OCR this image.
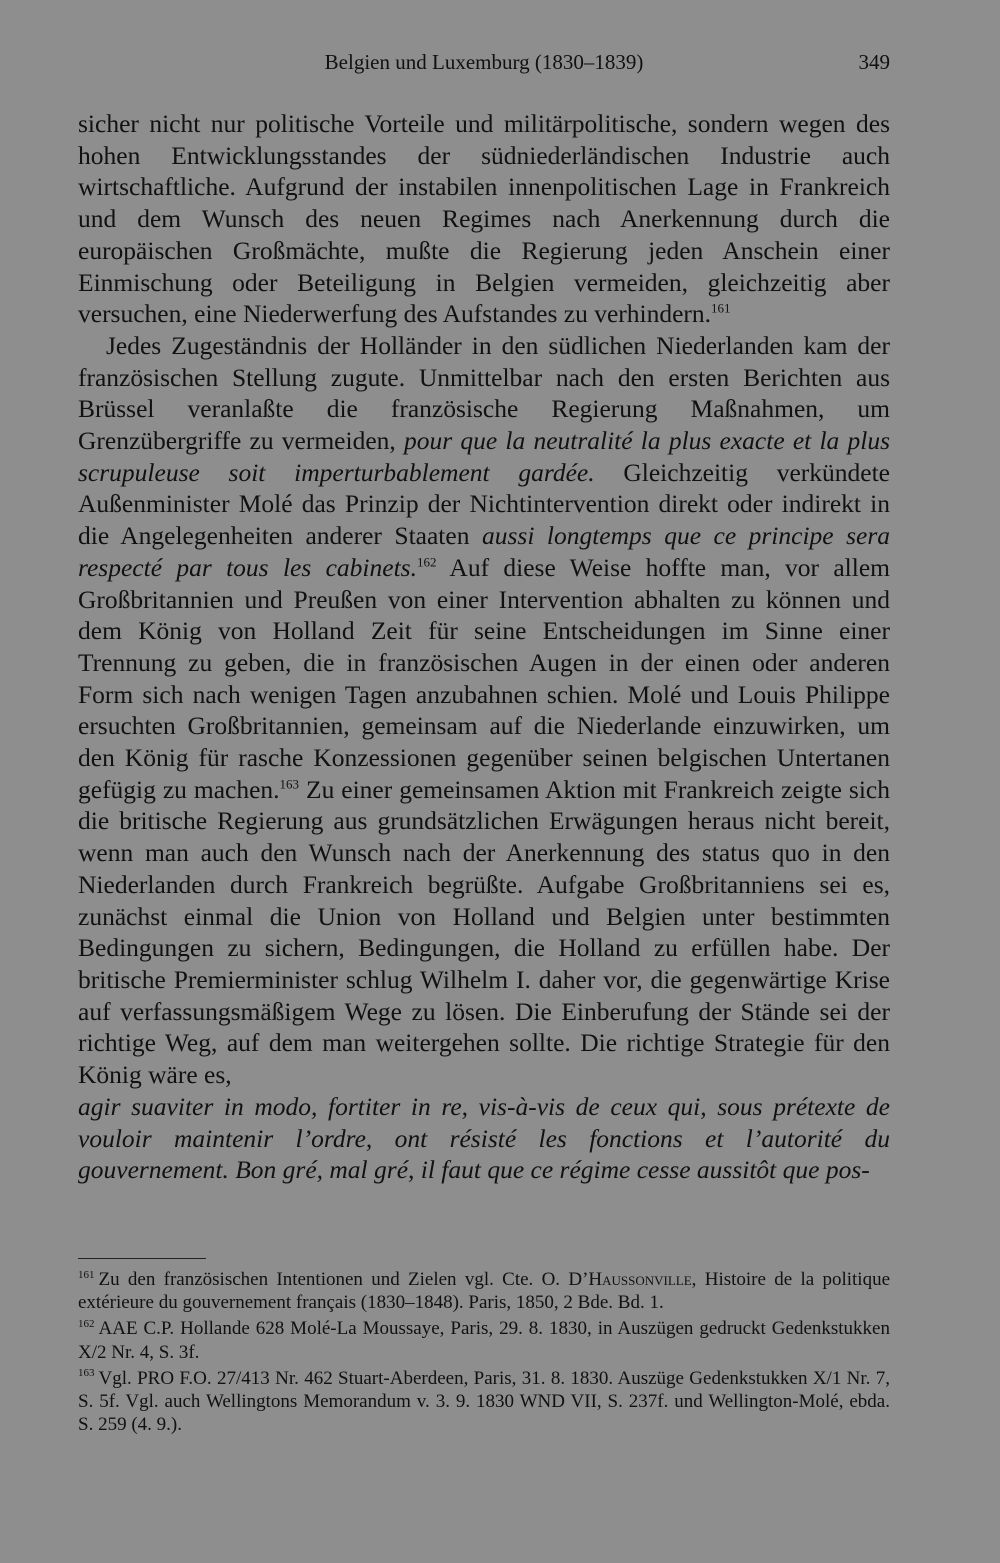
Belgien und Luxemburg (1830–1839)	349

sicher nicht nur politische Vorteile und militärpolitische, sondern wegen des hohen Entwicklungsstandes der südniederländischen Industrie auch wirtschaftliche. Aufgrund der instabilen innenpolitischen Lage in Frankreich und dem Wunsch des neuen Regimes nach Anerkennung durch die europäischen Großmächte, mußte die Regierung jeden Anschein einer Einmischung oder Beteiligung in Belgien vermeiden, gleichzeitig aber versuchen, eine Niederwerfung des Aufstandes zu verhindern.$^{161}$

Jedes Zugeständnis der Holländer in den südlichen Niederlanden kam der französischen Stellung zugute. Unmittelbar nach den ersten Berichten aus Brüssel veranlaßte die französische Regierung Maßnahmen, um Grenzübergriffe zu vermeiden, pour que la neutralité la plus exacte et la plus scrupuleuse soit imperturbablement gardée. Gleichzeitig verkündete Außenminister Molé das Prinzip der Nichtintervention direkt oder indirekt in die Angelegenheiten anderer Staaten aussi longtemps que ce principe sera respecté par tous les cabinets.$^{162}$ Auf diese Weise hoffte man, vor allem Großbritannien und Preußen von einer Intervention abhalten zu können und dem König von Holland Zeit für seine Entscheidungen im Sinne einer Trennung zu geben, die in französischen Augen in der einen oder anderen Form sich nach wenigen Tagen anzubahnen schien. Molé und Louis Philippe ersuchten Großbritannien, gemeinsam auf die Niederlande einzuwirken, um den König für rasche Konzessionen gegenüber seinen belgischen Untertanen gefügig zu machen.$^{163}$ Zu einer gemeinsamen Aktion mit Frankreich zeigte sich die britische Regierung aus grundsätzlichen Erwägungen heraus nicht bereit, wenn man auch den Wunsch nach der Anerkennung des status quo in den Niederlanden durch Frankreich begrüßte. Aufgabe Großbritanniens sei es, zunächst einmal die Union von Holland und Belgien unter bestimmten Bedingungen zu sichern, Bedingungen, die Holland zu erfüllen habe. Der britische Premierminister schlug Wilhelm I. daher vor, die gegenwärtige Krise auf verfassungsmäßigem Wege zu lösen. Die Einberufung der Stände sei der richtige Weg, auf dem man weitergehen sollte. Die richtige Strategie für den König wäre es,

agir suaviter in modo, fortiter in re, vis-à-vis de ceux qui, sous prétexte de vouloir maintenir l’ordre, ont résisté les fonctions et l’autorité du gouvernement. Bon gré, mal gré, il faut que ce régime cesse aussitôt que pos-

$^{161}$ Zu den französischen Intentionen und Zielen vgl. Cte. O. D’Haussonville, Histoire de la politique extérieure du gouvernement français (1830–1848). Paris, 1850, 2 Bde. Bd. 1.

$^{162}$ AAE C.P. Hollande 628 Molé-La Moussaye, Paris, 29. 8. 1830, in Auszügen gedruckt Gedenkstukken X/2 Nr. 4, S. 3f.

$^{163}$ Vgl. PRO F.O. 27/413 Nr. 462 Stuart-Aberdeen, Paris, 31. 8. 1830. Auszüge Gedenkstukken X/1 Nr. 7, S. 5f. Vgl. auch Wellingtons Memorandum v. 3. 9. 1830 WND VII, S. 237f. und Wellington-Molé, ebda. S. 259 (4. 9.).
